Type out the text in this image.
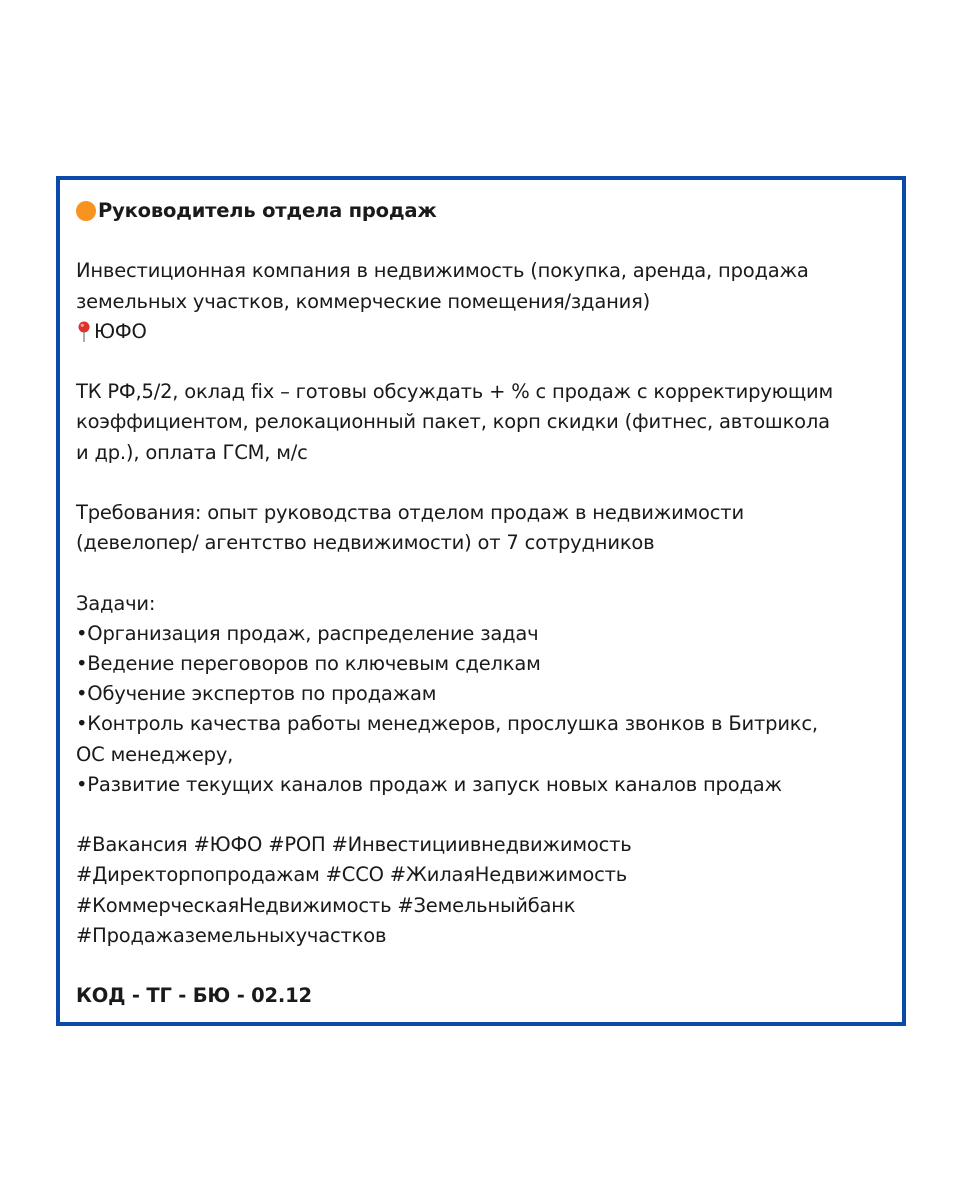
Руководитель отдела продаж
Инвестиционная компания в недвижимость (покупка, аренда, продажа
земельных участков, коммерческие помещения/здания)
ЮФО
ТК РФ,5/2, оклад fix – готовы обсуждать + % с продаж с корректирующим
коэффициентом, релокационный пакет, корп скидки (фитнес, автошкола
и др.), оплата ГСМ, м/с
Требования: опыт руководства отделом продаж в недвижимости
(девелопер/ агентство недвижимости) от 7 сотрудников
Задачи:
•Организация продаж, распределение задач
•Ведение переговоров по ключевым сделкам
•Обучение экспертов по продажам
•Контроль качества работы менеджеров, прослушка звонков в Битрикс,
ОС менеджеру,
•Развитие текущих каналов продаж и запуск новых каналов продаж
#Вакансия #ЮФО #РОП #Инвестициивнедвижимость
#Директорпопродажам #ССО #ЖилаяНедвижимость
#КоммерческаяНедвижимость #Земельныйбанк
#Продажаземельныхучастков
КОД - ТГ - БЮ - 02.12
